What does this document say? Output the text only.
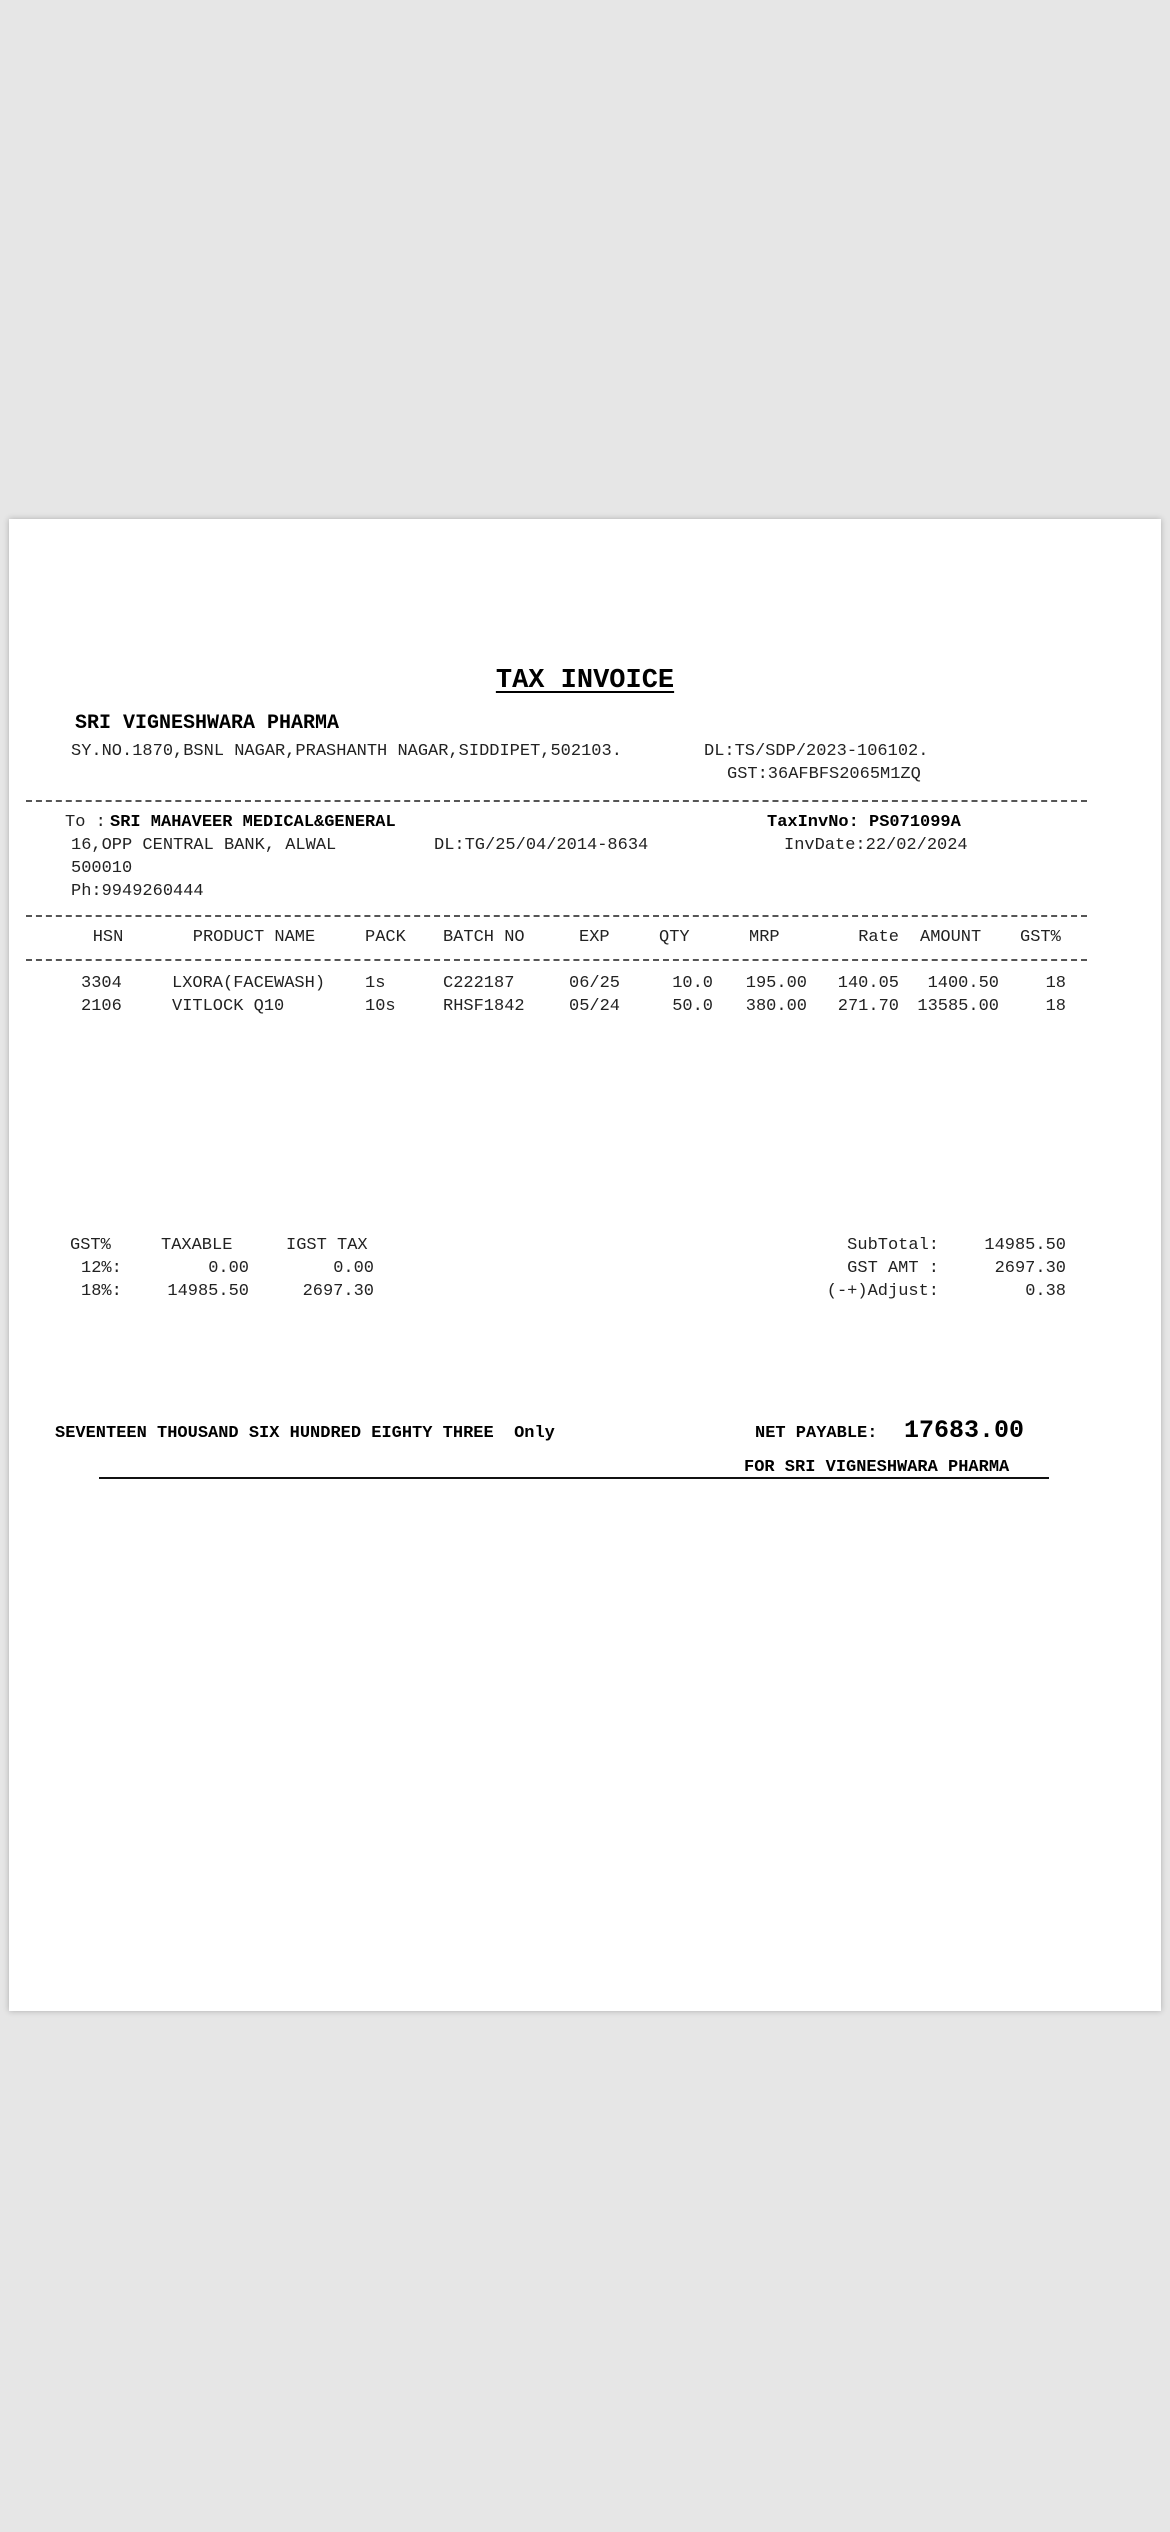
TAX INVOICE
SRI VIGNESHWARA PHARMA
SY.NO.1870,BSNL NAGAR,PRASHANTH NAGAR,SIDDIPET,502103.	DL:TS/SDP/2023-106102.
GST:36AFBFS2065M1ZQ
To : SRI MAHAVEER MEDICAL&GENERAL	TaxInvNo: PS071099A
16,OPP CENTRAL BANK, ALWAL	DL:TG/25/04/2014-8634	InvDate:22/02/2024
500010
Ph:9949260444
HSN	PRODUCT NAME	PACK BATCH NO	EXP	QTY	MRP	Rate AMOUNT GST%
3304	LXORA(FACEWASH) 1s	C222187	06/25	10.0	195.00	140.05	1400.50	18
2106	VITLOCK Q10	10s	RHSF1842	05/24	50.0	380.00	271.70	13585.00	18
GST%	TAXABLE	IGST TAX
12%:	0.00	0.00
18%:	14985.50	2697.30
SubTotal:	14985.50
GST AMT :	2697.30
(-+)Adjust:	0.38
SEVENTEEN THOUSAND SIX HUNDRED EIGHTY THREE  Only	NET PAYABLE: 17683.00
FOR SRI VIGNESHWARA PHARMA
